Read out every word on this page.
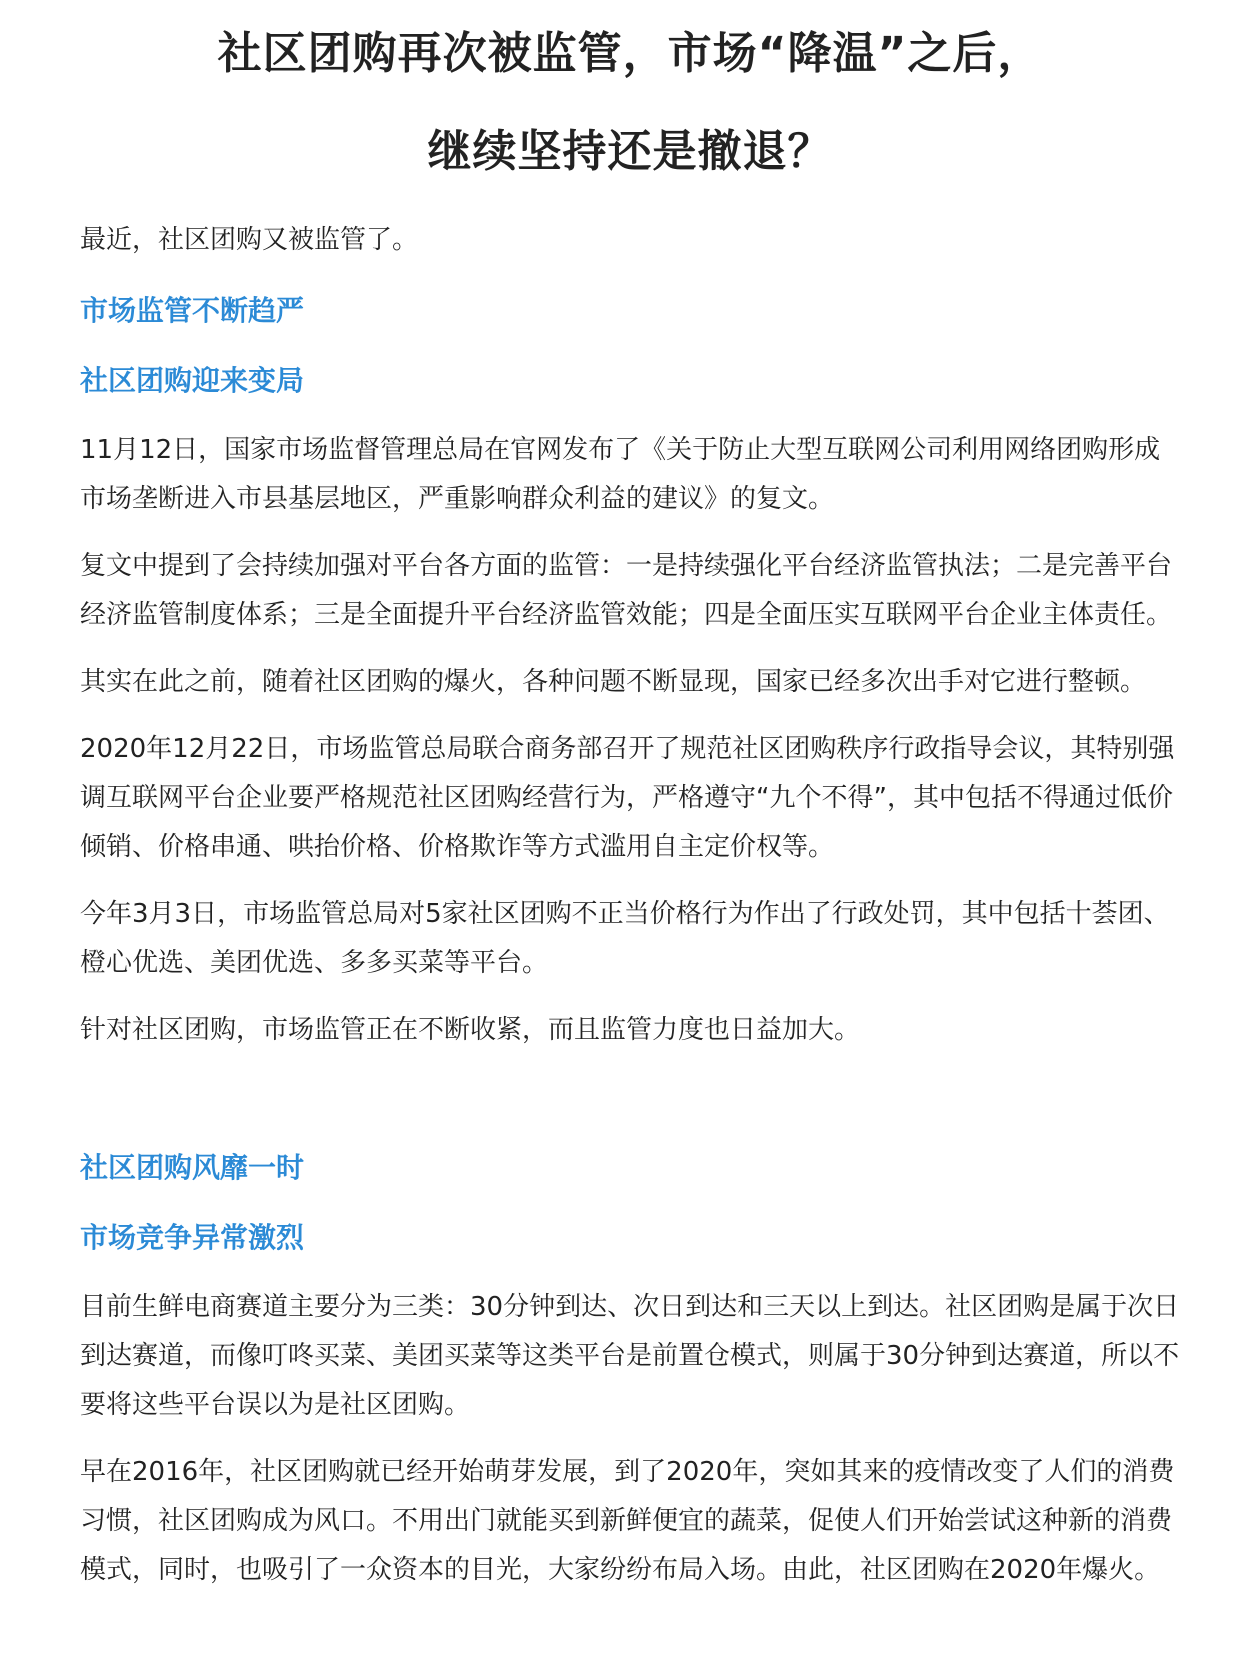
社区团购再次被监管，市场“降温”之后，
继续坚持还是撤退？

最近，社区团购又被监管了。

市场监管不断趋严
社区团购迎来变局

11月12日，国家市场监督管理总局在官网发布了《关于防止大型互联网公司利用网络团购形成市场垄断进入市县基层地区，严重影响群众利益的建议》的复文。

复文中提到了会持续加强对平台各方面的监管：一是持续强化平台经济监管执法；二是完善平台经济监管制度体系；三是全面提升平台经济监管效能；四是全面压实互联网平台企业主体责任。

其实在此之前，随着社区团购的爆火，各种问题不断显现，国家已经多次出手对它进行整顿。

2020年12月22日，市场监管总局联合商务部召开了规范社区团购秩序行政指导会议，其特别强调互联网平台企业要严格规范社区团购经营行为，严格遵守“九个不得”，其中包括不得通过低价倾销、价格串通、哄抬价格、价格欺诈等方式滥用自主定价权等。

今年3月3日，市场监管总局对5家社区团购不正当价格行为作出了行政处罚，其中包括十荟团、橙心优选、美团优选、多多买菜等平台。

针对社区团购，市场监管正在不断收紧，而且监管力度也日益加大。

社区团购风靡一时
市场竞争异常激烈

目前生鲜电商赛道主要分为三类：30分钟到达、次日到达和三天以上到达。社区团购是属于次日到达赛道，而像叮咚买菜、美团买菜等这类平台是前置仓模式，则属于30分钟到达赛道，所以不要将这些平台误以为是社区团购。

早在2016年，社区团购就已经开始萌芽发展，到了2020年，突如其来的疫情改变了人们的消费习惯，社区团购成为风口。不用出门就能买到新鲜便宜的蔬菜，促使人们开始尝试这种新的消费模式，同时，也吸引了一众资本的目光，大家纷纷布局入场。由此，社区团购在2020年爆火。
